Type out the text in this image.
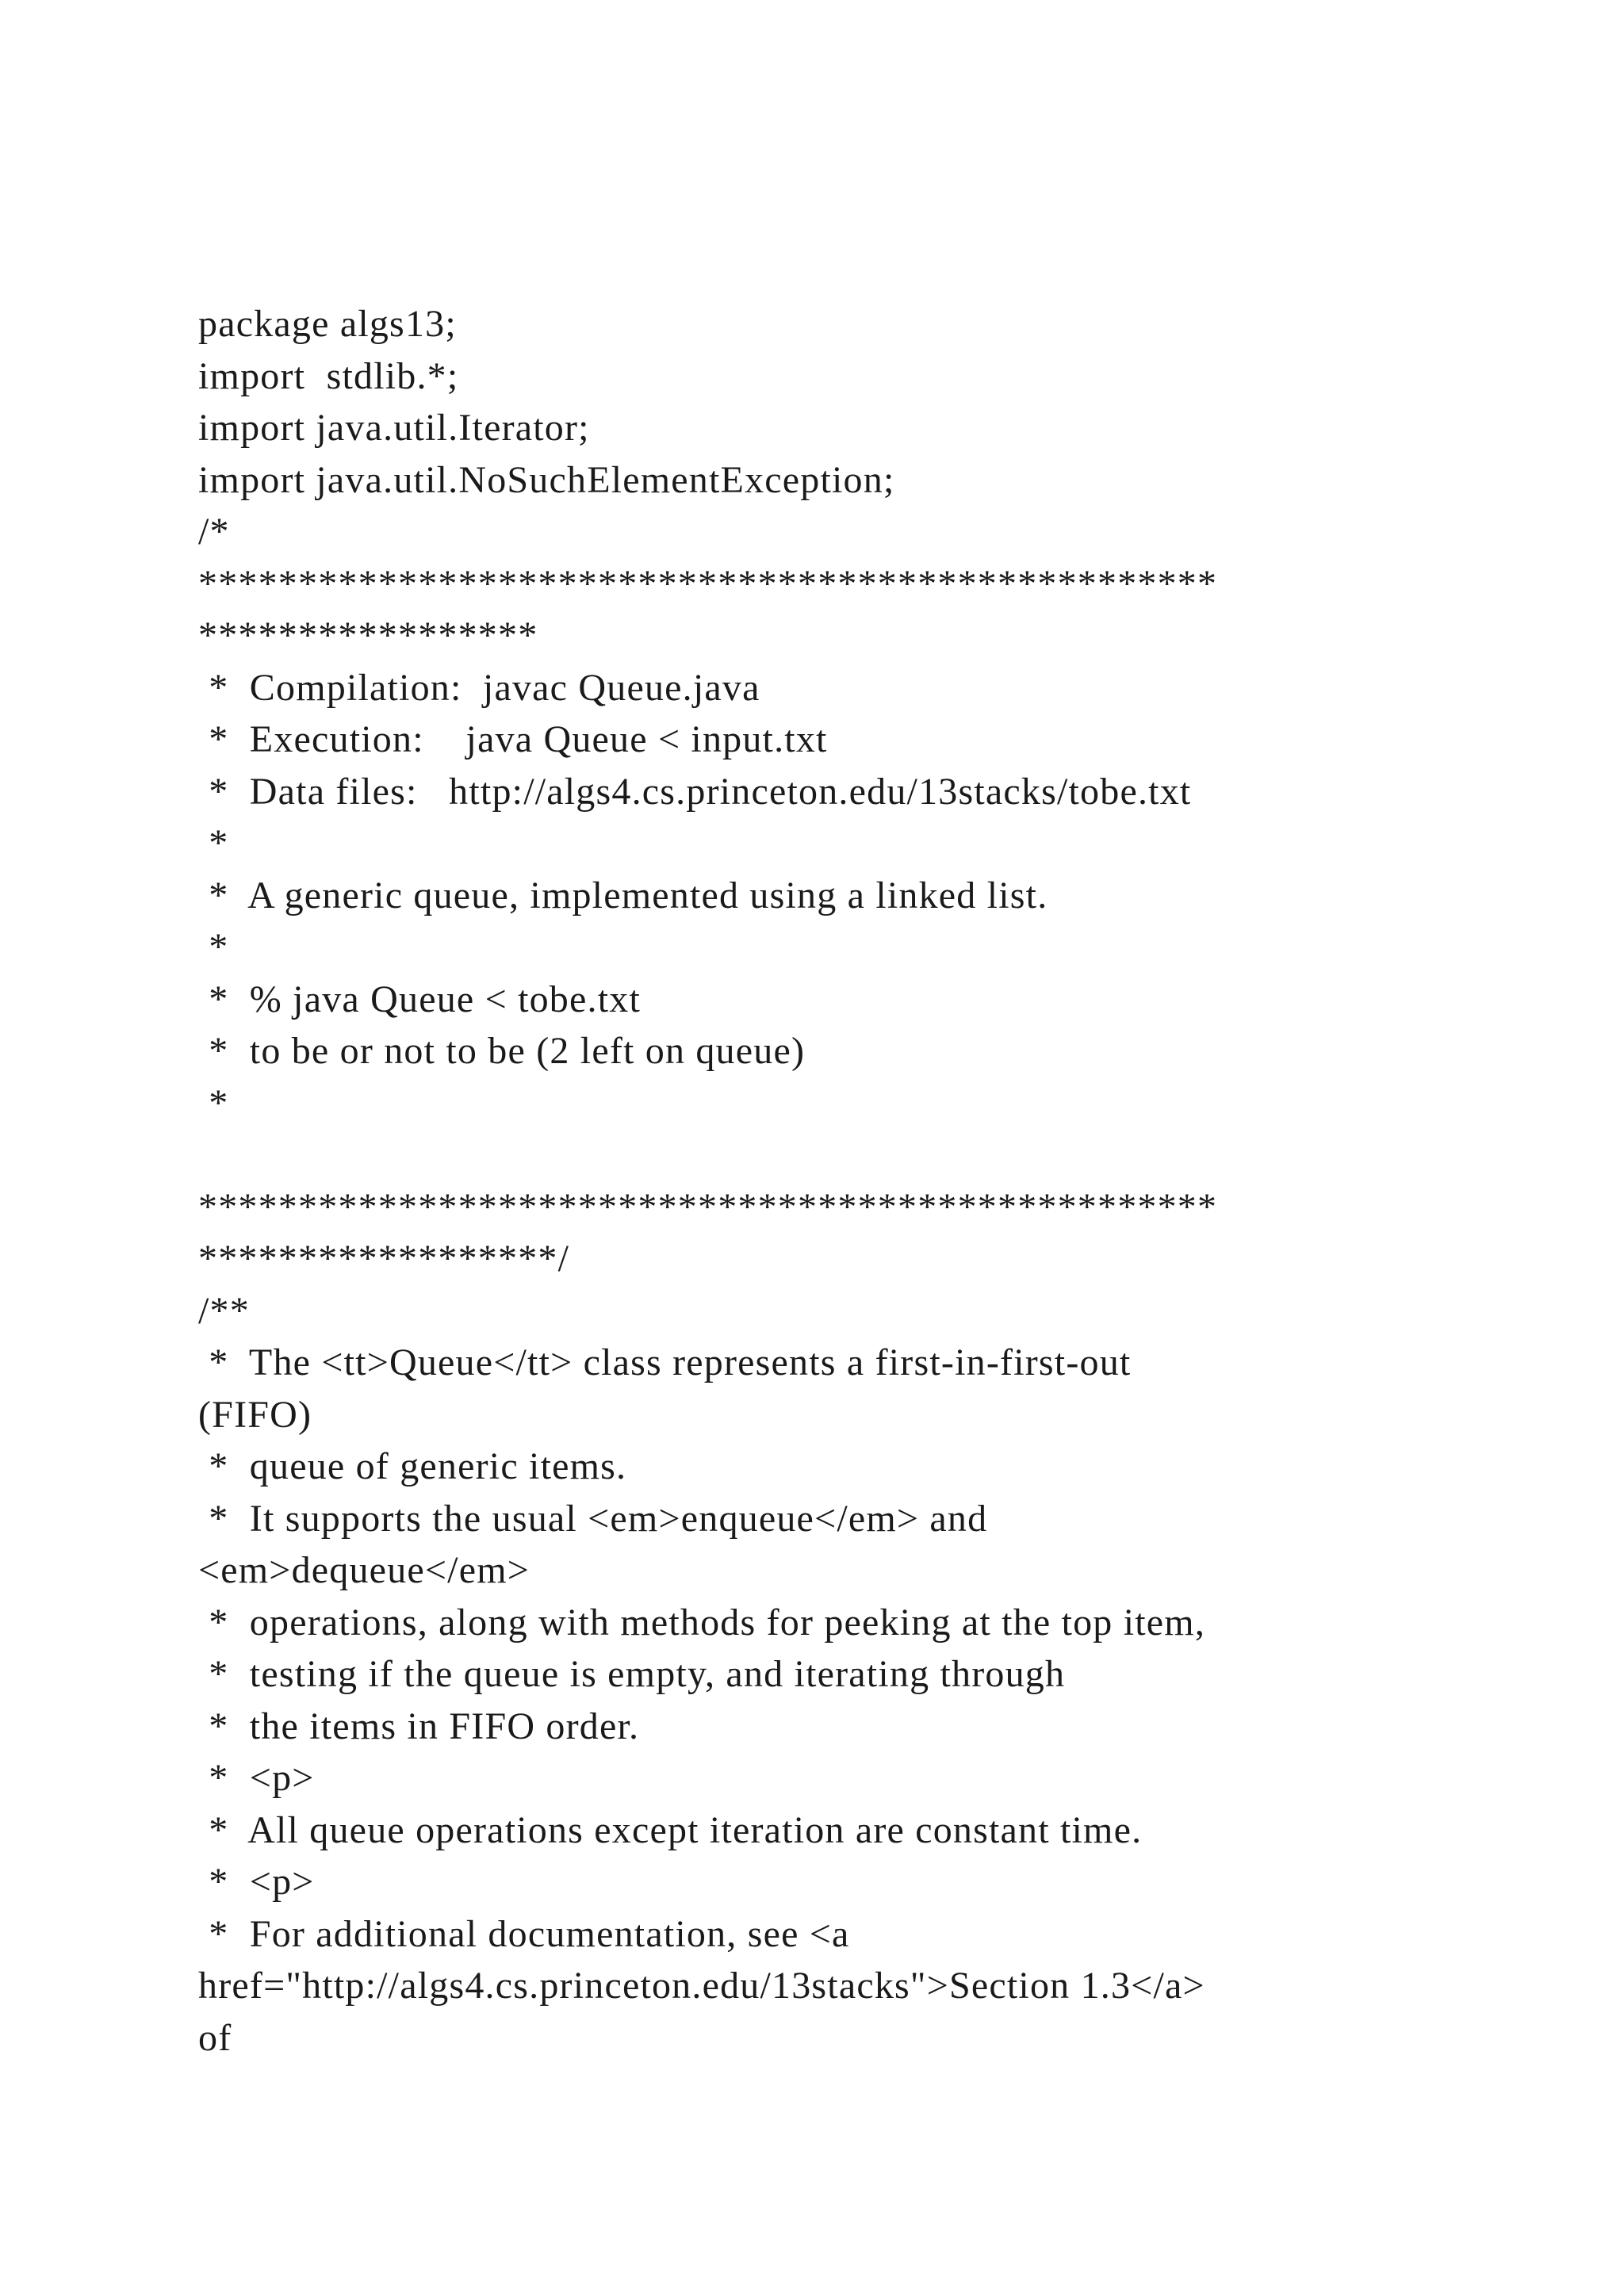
package algs13;
import  stdlib.*;
import java.util.Iterator;
import java.util.NoSuchElementException;
/*
***************************************************
*****************
*  Compilation:  javac Queue.java
*  Execution:    java Queue < input.txt
*  Data files:   http://algs4.cs.princeton.edu/13stacks/tobe.txt
*
*  A generic queue, implemented using a linked list.
*
*  % java Queue < tobe.txt
*  to be or not to be (2 left on queue)
*
***************************************************
******************/
/**
*  The <tt>Queue</tt> class represents a first-in-first-out
(FIFO)
*  queue of generic items.
*  It supports the usual <em>enqueue</em> and
<em>dequeue</em>
*  operations, along with methods for peeking at the top item,
*  testing if the queue is empty, and iterating through
*  the items in FIFO order.
*  <p>
*  All queue operations except iteration are constant time.
*  <p>
*  For additional documentation, see <a
href="http://algs4.cs.princeton.edu/13stacks">Section 1.3</a>
of
